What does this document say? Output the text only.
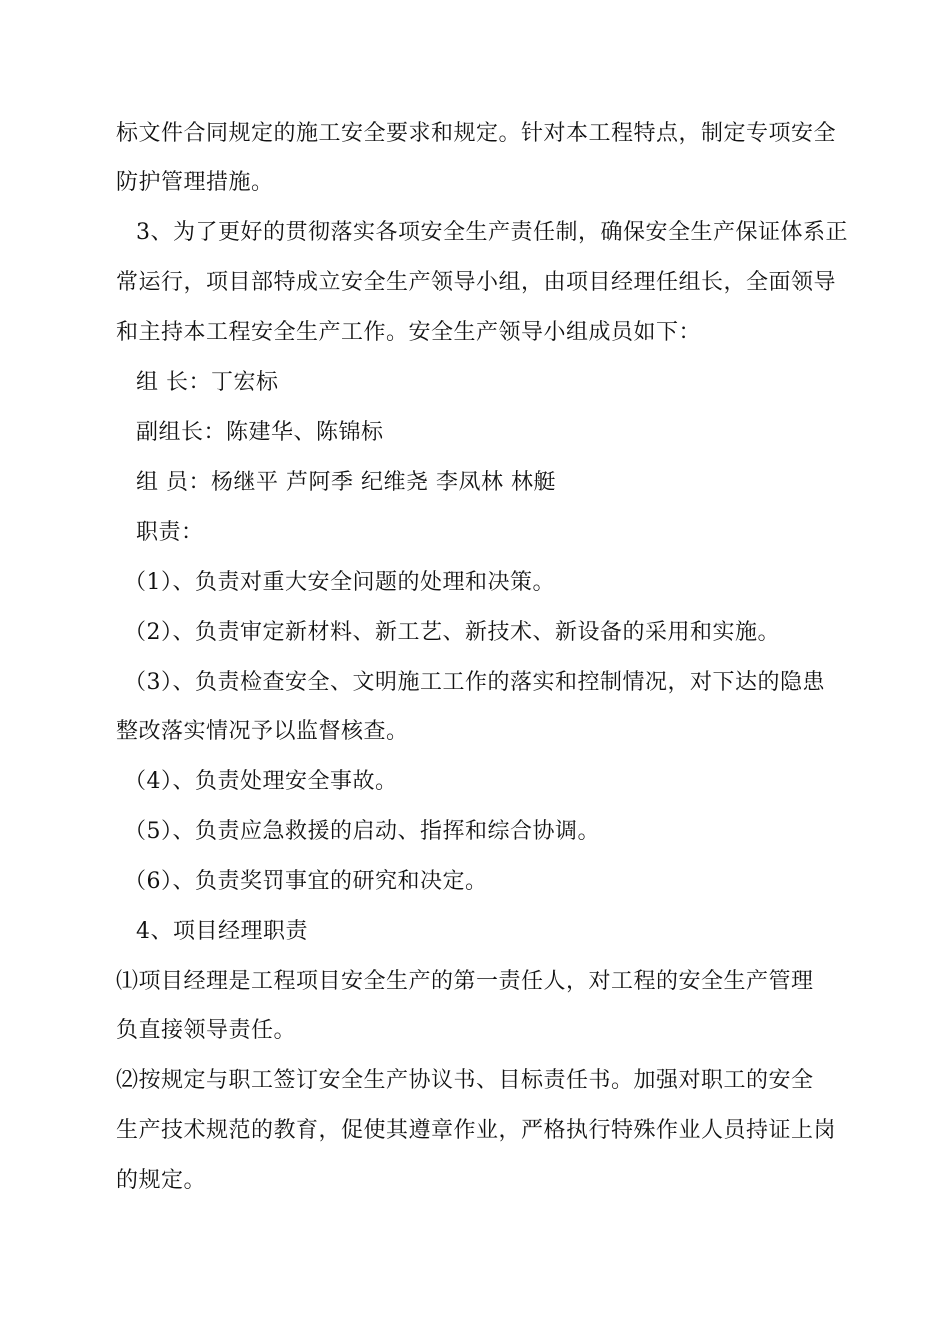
标文件合同规定的施工安全要求和规定。针对本工程特点，制定专项安全
防护管理措施。
3、为了更好的贯彻落实各项安全生产责任制，确保安全生产保证体系正
常运行，项目部特成立安全生产领导小组，由项目经理任组长，全面领导
和主持本工程安全生产工作。安全生产领导小组成员如下：
组 长：丁宏标
副组长：陈建华、陈锦标
组 员：杨继平 芦阿季 纪维尧 李凤林 林艇
职责：
（1）、负责对重大安全问题的处理和决策。
（2）、负责审定新材料、新工艺、新技术、新设备的采用和实施。
（3）、负责检查安全、文明施工工作的落实和控制情况，对下达的隐患
整改落实情况予以监督核查。
（4）、负责处理安全事故。
（5）、负责应急救援的启动、指挥和综合协调。
（6）、负责奖罚事宜的研究和决定。
4、项目经理职责
⑴项目经理是工程项目安全生产的第一责任人，对工程的安全生产管理
负直接领导责任。
⑵按规定与职工签订安全生产协议书、目标责任书。加强对职工的安全
生产技术规范的教育，促使其遵章作业，严格执行特殊作业人员持证上岗
的规定。
